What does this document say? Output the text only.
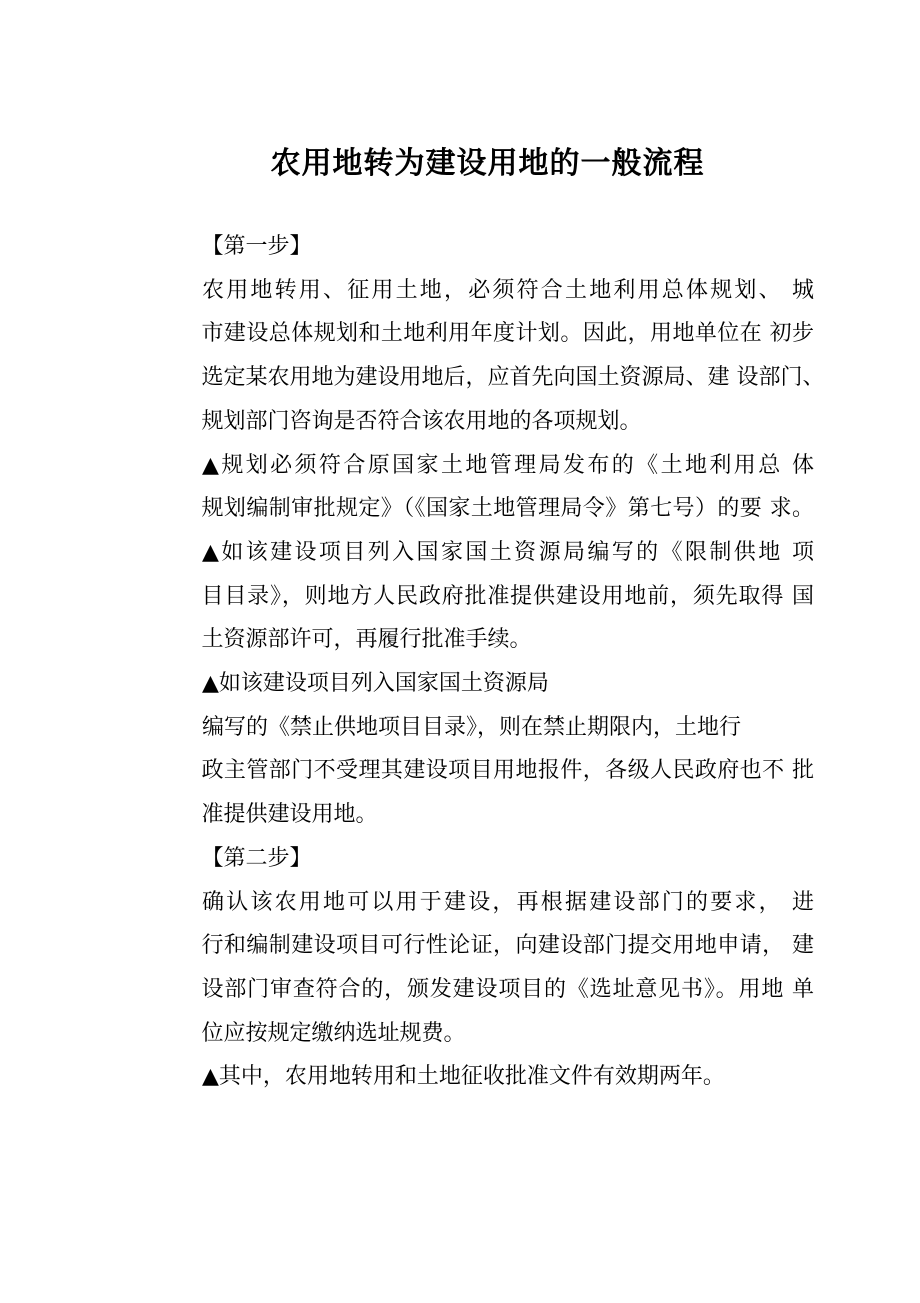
农用地转为建设用地的一般流程
【第一步】
农用地转用、征用土地，必须符合土地利用总体规划、 城
市建设总体规划和土地利用年度计划。因此，用地单位在 初步
选定某农用地为建设用地后，应首先向国土资源局、建 设部门、
规划部门咨询是否符合该农用地的各项规划。
▲规划必须符合原国家土地管理局发布的《土地利用总 体
规划编制审批规定》（《国家土地管理局令》第七号）的要 求。
▲如该建设项目列入国家国土资源局编写的《限制供地 项
目目录》，则地方人民政府批准提供建设用地前，须先取得 国
土资源部许可，再履行批准手续。
▲如该建设项目列入国家国土资源局
编写的《禁止供地项目目录》，则在禁止期限内，土地行
政主管部门不受理其建设项目用地报件，各级人民政府也不 批
准提供建设用地。
【第二步】
确认该农用地可以用于建设，再根据建设部门的要求， 进
行和编制建设项目可行性论证，向建设部门提交用地申请， 建
设部门审查符合的，颁发建设项目的《选址意见书》。用地 单
位应按规定缴纳选址规费。
▲其中，农用地转用和土地征收批准文件有效期两年。
